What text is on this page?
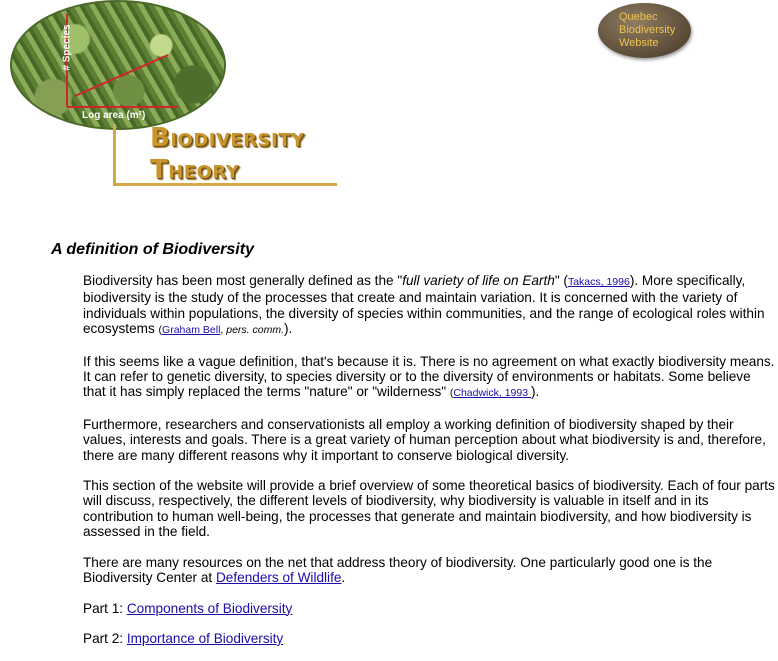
# Species
Log area (m²)
Biodiversity
Theory
Quebec
Biodiversity
Website
A definition of Biodiversity

Biodiversity has been most generally defined as the "full variety of life on Earth" (Takacs, 1996). More specifically, biodiversity is the study of the processes that create and maintain variation. It is concerned with the variety of individuals within populations, the diversity of species within communities, and the range of ecological roles within ecosystems (Graham Bell, pers. comm.).

If this seems like a vague definition, that's because it is. There is no agreement on what exactly biodiversity means. It can refer to genetic diversity, to species diversity or to the diversity of environments or habitats. Some believe that it has simply replaced the terms "nature" or "wilderness" (Chadwick, 1993 ).

Furthermore, researchers and conservationists all employ a working definition of biodiversity shaped by their values, interests and goals. There is a great variety of human perception about what biodiversity is and, therefore, there are many different reasons why it important to conserve biological diversity.

This section of the website will provide a brief overview of some theoretical basics of biodiversity. Each of four parts will discuss, respectively, the different levels of biodiversity, why biodiversity is valuable in itself and in its contribution to human well-being, the processes that generate and maintain biodiversity, and how biodiversity is assessed in the field.

There are many resources on the net that address theory of biodiversity. One particularly good one is the Biodiversity Center at Defenders of Wildlife.

Part 1: Components of Biodiversity

Part 2: Importance of Biodiversity
